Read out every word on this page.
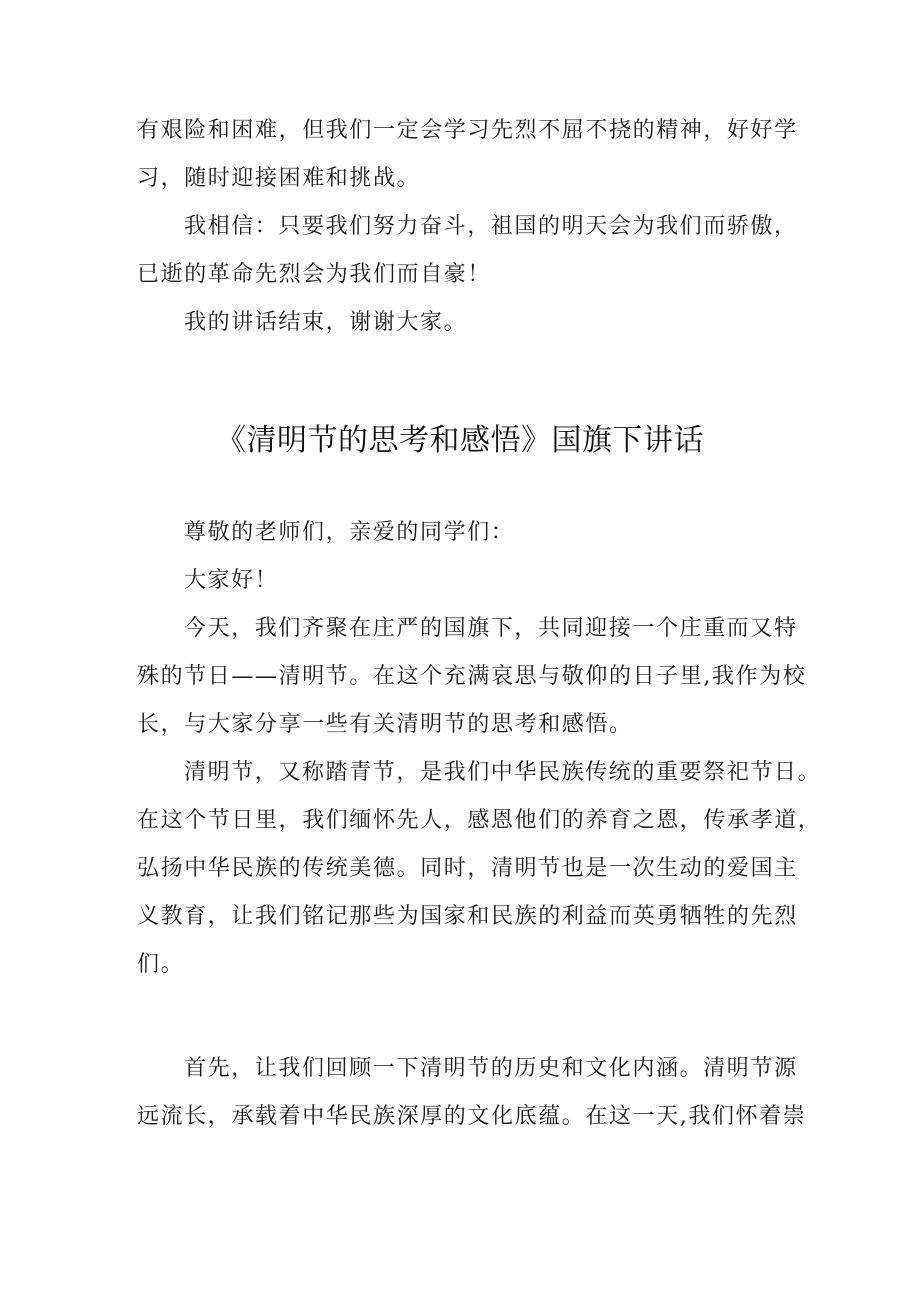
有艰险和困难，但我们一定会学习先烈不屈不挠的精神，好好学

习，随时迎接困难和挑战。

我相信：只要我们努力奋斗，祖国的明天会为我们而骄傲，

已逝的革命先烈会为我们而自豪！

我的讲话结束，谢谢大家。

《清明节的思考和感悟》国旗下讲话

尊敬的老师们，亲爱的同学们：

大家好！

今天，我们齐聚在庄严的国旗下，共同迎接一个庄重而又特

殊的节日——清明节。在这个充满哀思与敬仰的日子里,我作为校

长，与大家分享一些有关清明节的思考和感悟。

清明节，又称踏青节，是我们中华民族传统的重要祭祀节日。

在这个节日里，我们缅怀先人，感恩他们的养育之恩，传承孝道，

弘扬中华民族的传统美德。同时，清明节也是一次生动的爱国主

义教育，让我们铭记那些为国家和民族的利益而英勇牺牲的先烈

们。

首先，让我们回顾一下清明节的历史和文化内涵。清明节源

远流长，承载着中华民族深厚的文化底蕴。在这一天,我们怀着崇
